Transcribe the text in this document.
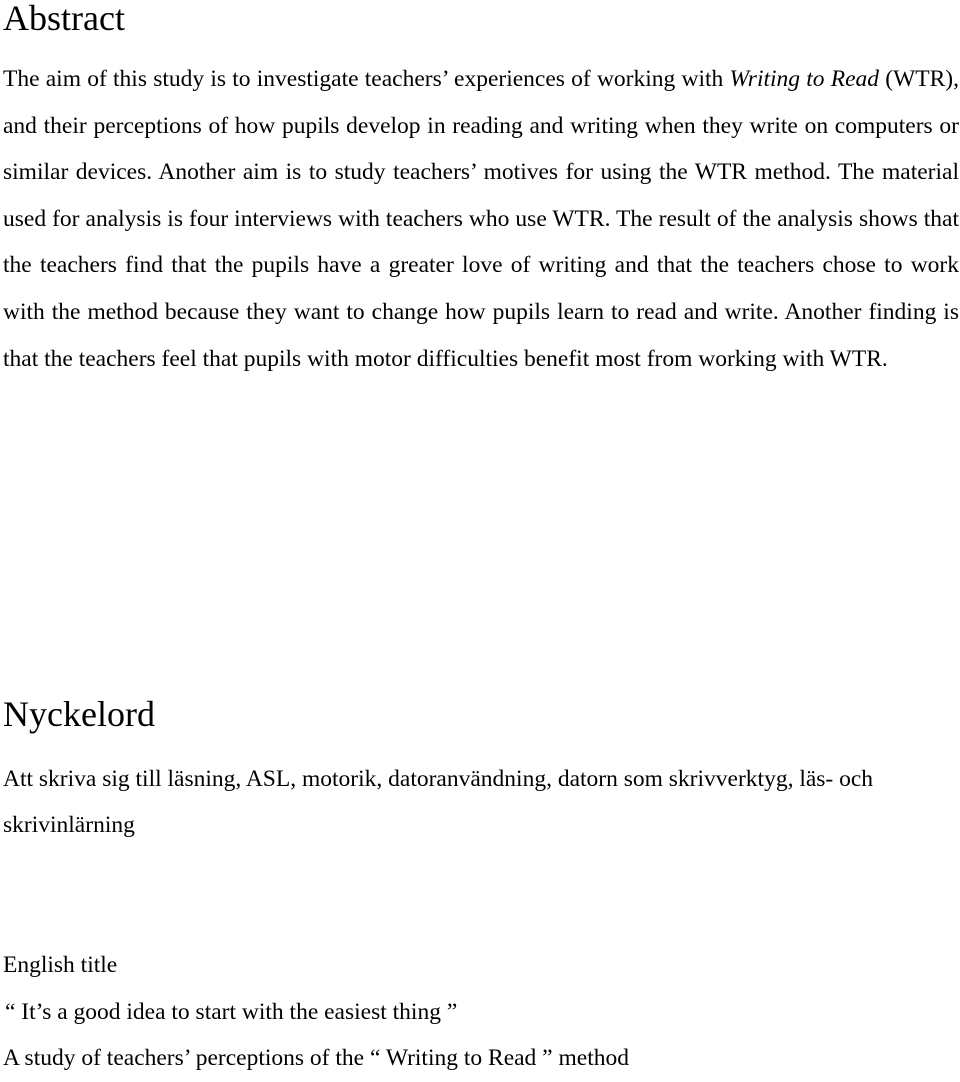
Abstract

The aim of this study is to investigate teachers’ experiences of working with Writing to Read (WTR), and their perceptions of how pupils develop in reading and writing when they write on computers or similar devices. Another aim is to study teachers’ motives for using the WTR method. The material used for analysis is four interviews with teachers who use WTR. The result of the analysis shows that the teachers find that the pupils have a greater love of writing and that the teachers chose to work with the method because they want to change how pupils learn to read and write. Another finding is that the teachers feel that pupils with motor difficulties benefit most from working with WTR.

Nyckelord

Att skriva sig till läsning, ASL, motorik, datoranvändning, datorn som skrivverktyg, läs- och skrivinlärning

English title
“ It’s a good idea to start with the easiest thing ”
A study of teachers’ perceptions of the “ Writing to Read ” method
